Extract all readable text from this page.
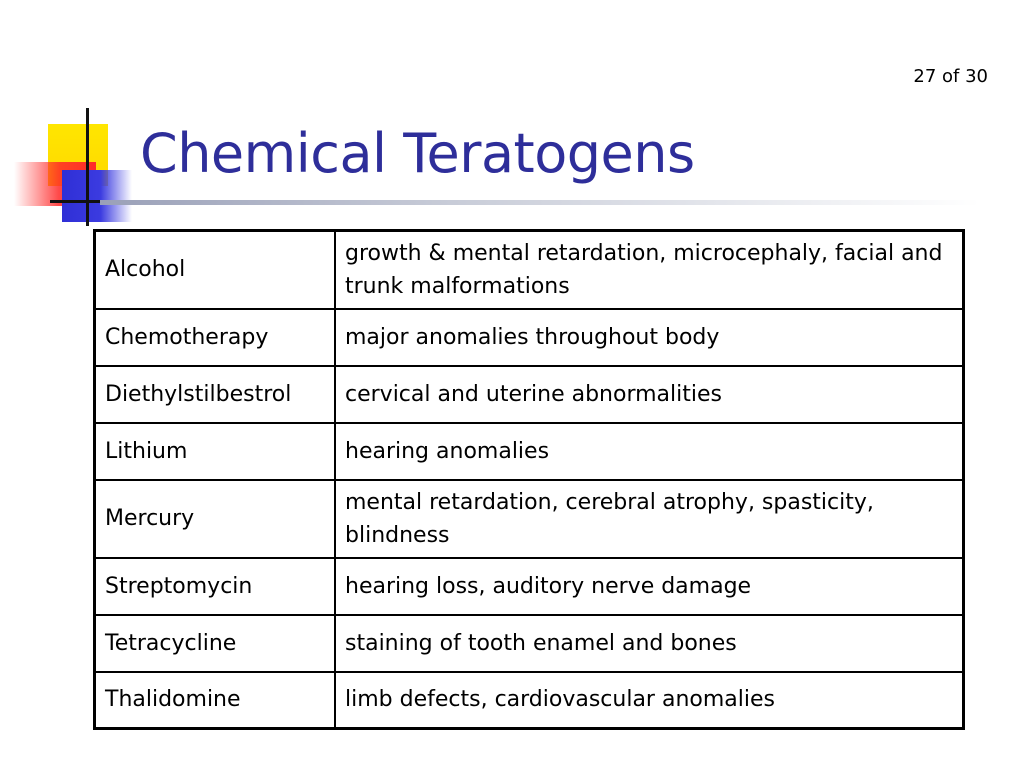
27 of 30
Chemical Teratogens
Alcohol	growth & mental retardation, microcephaly, facial and trunk malformations
Chemotherapy	major anomalies throughout body
Diethylstilbestrol	cervical and uterine abnormalities
Lithium	hearing anomalies
Mercury	mental retardation, cerebral atrophy, spasticity, blindness
Streptomycin	hearing loss, auditory nerve damage
Tetracycline	staining of tooth enamel and bones
Thalidomine	limb defects, cardiovascular anomalies
